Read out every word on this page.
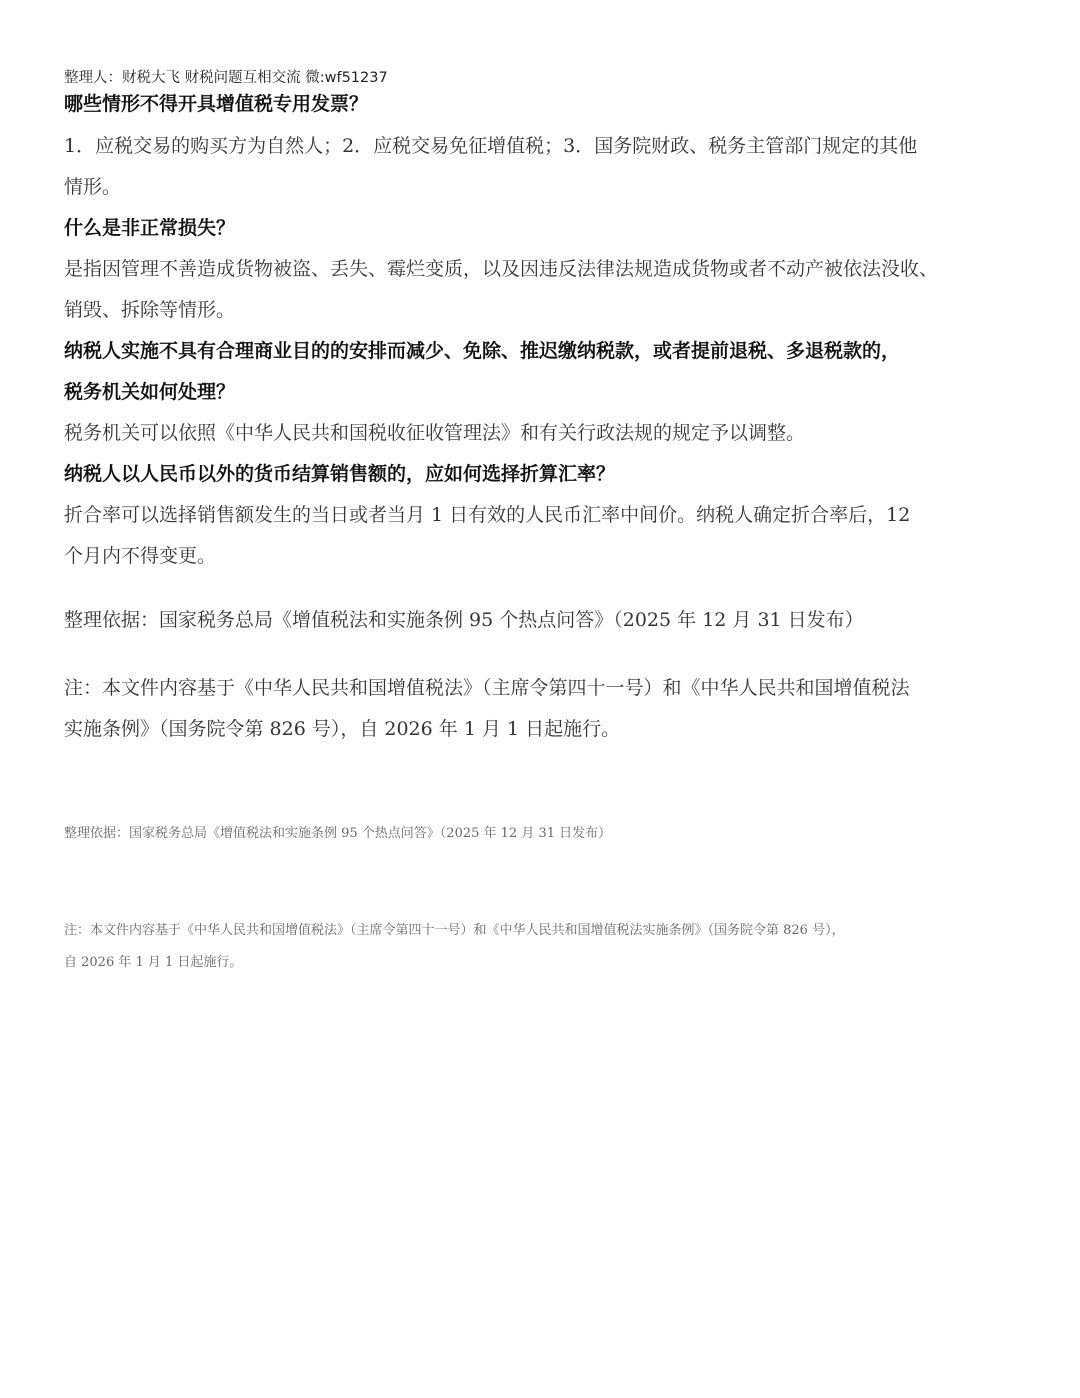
整理人：财税大飞 财税问题互相交流 微:wf51237

哪些情形不得开具增值税专用发票？

1．应税交易的购买方为自然人；2．应税交易免征增值税；3．国务院财政、税务主管部门规定的其他

情形。

什么是非正常损失？

是指因管理不善造成货物被盗、丢失、霉烂变质，以及因违反法律法规造成货物或者不动产被依法没收、

销毁、拆除等情形。

纳税人实施不具有合理商业目的的安排而减少、免除、推迟缴纳税款，或者提前退税、多退税款的，

税务机关如何处理？

税务机关可以依照《中华人民共和国税收征收管理法》和有关行政法规的规定予以调整。

纳税人以人民币以外的货币结算销售额的，应如何选择折算汇率？

折合率可以选择销售额发生的当日或者当月 1 日有效的人民币汇率中间价。纳税人确定折合率后，12

个月内不得变更。

整理依据：国家税务总局《增值税法和实施条例 95 个热点问答》（2025 年 12 月 31 日发布）

注：本文件内容基于《中华人民共和国增值税法》（主席令第四十一号）和《中华人民共和国增值税法

实施条例》（国务院令第 826 号），自 2026 年 1 月 1 日起施行。

整理依据：国家税务总局《增值税法和实施条例 95 个热点问答》（2025 年 12 月 31 日发布）

注：本文件内容基于《中华人民共和国增值税法》（主席令第四十一号）和《中华人民共和国增值税法实施条例》（国务院令第 826 号），

自 2026 年 1 月 1 日起施行。
